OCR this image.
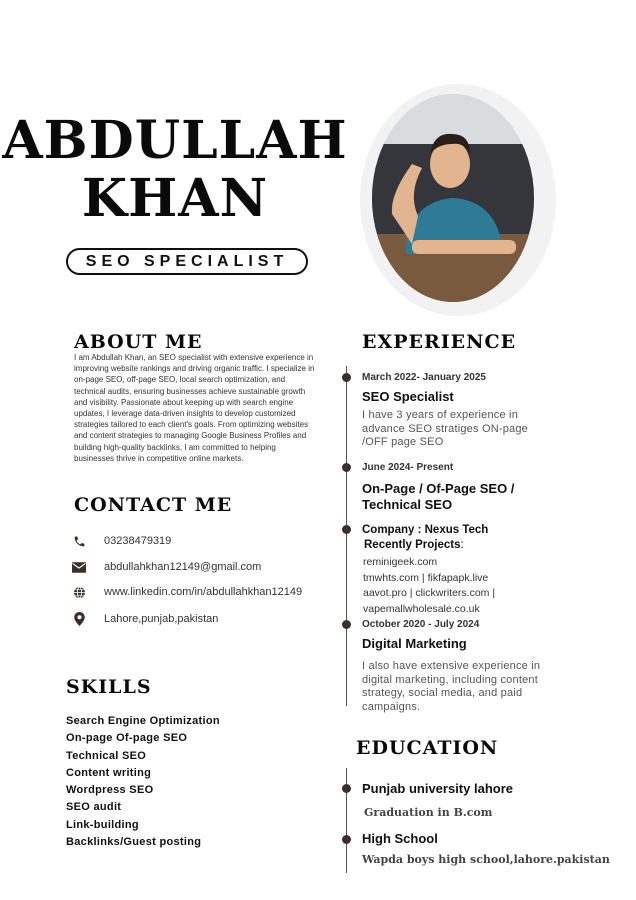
ABDULLAH
KHAN
SEO SPECIALIST
ABOUT ME
I am Abdullah Khan, an SEO specialist with extensive experience in improving website rankings and driving organic traffic. I specialize in on-page SEO, off-page SEO, local search optimization, and technical audits, ensuring businesses achieve sustainable growth and visibility. Passionate about keeping up with search engine updates, I leverage data-driven insights to develop customized strategies tailored to each client's goals. From optimizing websites and content strategies to managing Google Business Profiles and building high-quality backlinks, I am committed to helping businesses thrive in competitive online markets.
CONTACT ME
03238479319
abdullahkhan12149@gmail.com
www.linkedin.com/in/abdullahkhan12149
Lahore,punjab,pakistan
SKILLS
Search Engine Optimization
On-page Of-page SEO
Technical SEO
Content writing
Wordpress SEO
SEO audit
Link-building
Backlinks/Guest posting
EXPERIENCE
March 2022- January 2025
SEO Specialist
I have 3 years of experience in
advance SEO stratiges ON-page
/OFF page SEO
June 2024- Present
On-Page / Of-Page SEO /
Technical SEO
Company : Nexus Tech
Recently Projects:
reminigeek.com
tmwhts.com | fikfapapk.live
aavot.pro | clickwriters.com |
vapemallwholesale.co.uk
October 2020 - July 2024
Digital Marketing
I also have extensive experience in
digital marketing, including content
strategy, social media, and paid
campaigns.
EDUCATION
Punjab university lahore
Graduation in B.com
High School
Wapda boys high school,lahore.pakistan
